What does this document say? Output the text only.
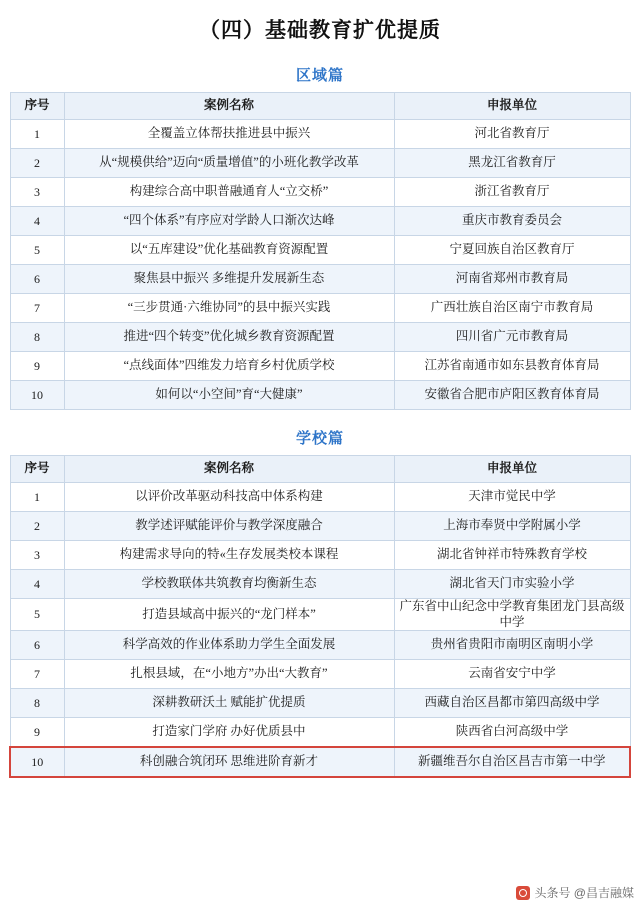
（四）基础教育扩优提质
区域篇
序号	案例名称	申报单位
1	全覆盖立体帮扶推进县中振兴	河北省教育厅
2	从“规模供给”迈向“质量增值”的小班化教学改革	黑龙江省教育厅
3	构建综合高中职普融通育人“立交桥”	浙江省教育厅
4	“四个体系”有序应对学龄人口渐次达峰	重庆市教育委员会
5	以“五库建设”优化基础教育资源配置	宁夏回族自治区教育厅
6	聚焦县中振兴 多维提升发展新生态	河南省郑州市教育局
7	“三步贯通·六维协同”的县中振兴实践	广西壮族自治区南宁市教育局
8	推进“四个转变”优化城乡教育资源配置	四川省广元市教育局
9	“点线面体”四维发力培育乡村优质学校	江苏省南通市如东县教育体育局
10	如何以“小空间”育“大健康”	安徽省合肥市庐阳区教育体育局
学校篇
序号	案例名称	申报单位
1	以评价改革驱动科技高中体系构建	天津市觉民中学
2	教学述评赋能评价与教学深度融合	上海市奉贤中学附属小学
3	构建需求导向的特«生存发展类校本课程	湖北省钟祥市特殊教育学校
4	学校教联体共筑教育均衡新生态	湖北省天门市实验小学
5	打造县域高中振兴的“龙门样本”	广东省中山纪念中学教育集团龙门县高级中学
6	科学高效的作业体系助力学生全面发展	贵州省贵阳市南明区南明小学
7	扎根县域，在“小地方”办出“大教育”	云南省安宁中学
8	深耕教研沃土 赋能扩优提质	西藏自治区昌都市第四高级中学
9	打造家门学府 办好优质县中	陕西省白河高级中学
10	科创融合筑闭环 思维进阶育新才	新疆维吾尔自治区昌吉市第一中学
头条号 @昌吉融媒
